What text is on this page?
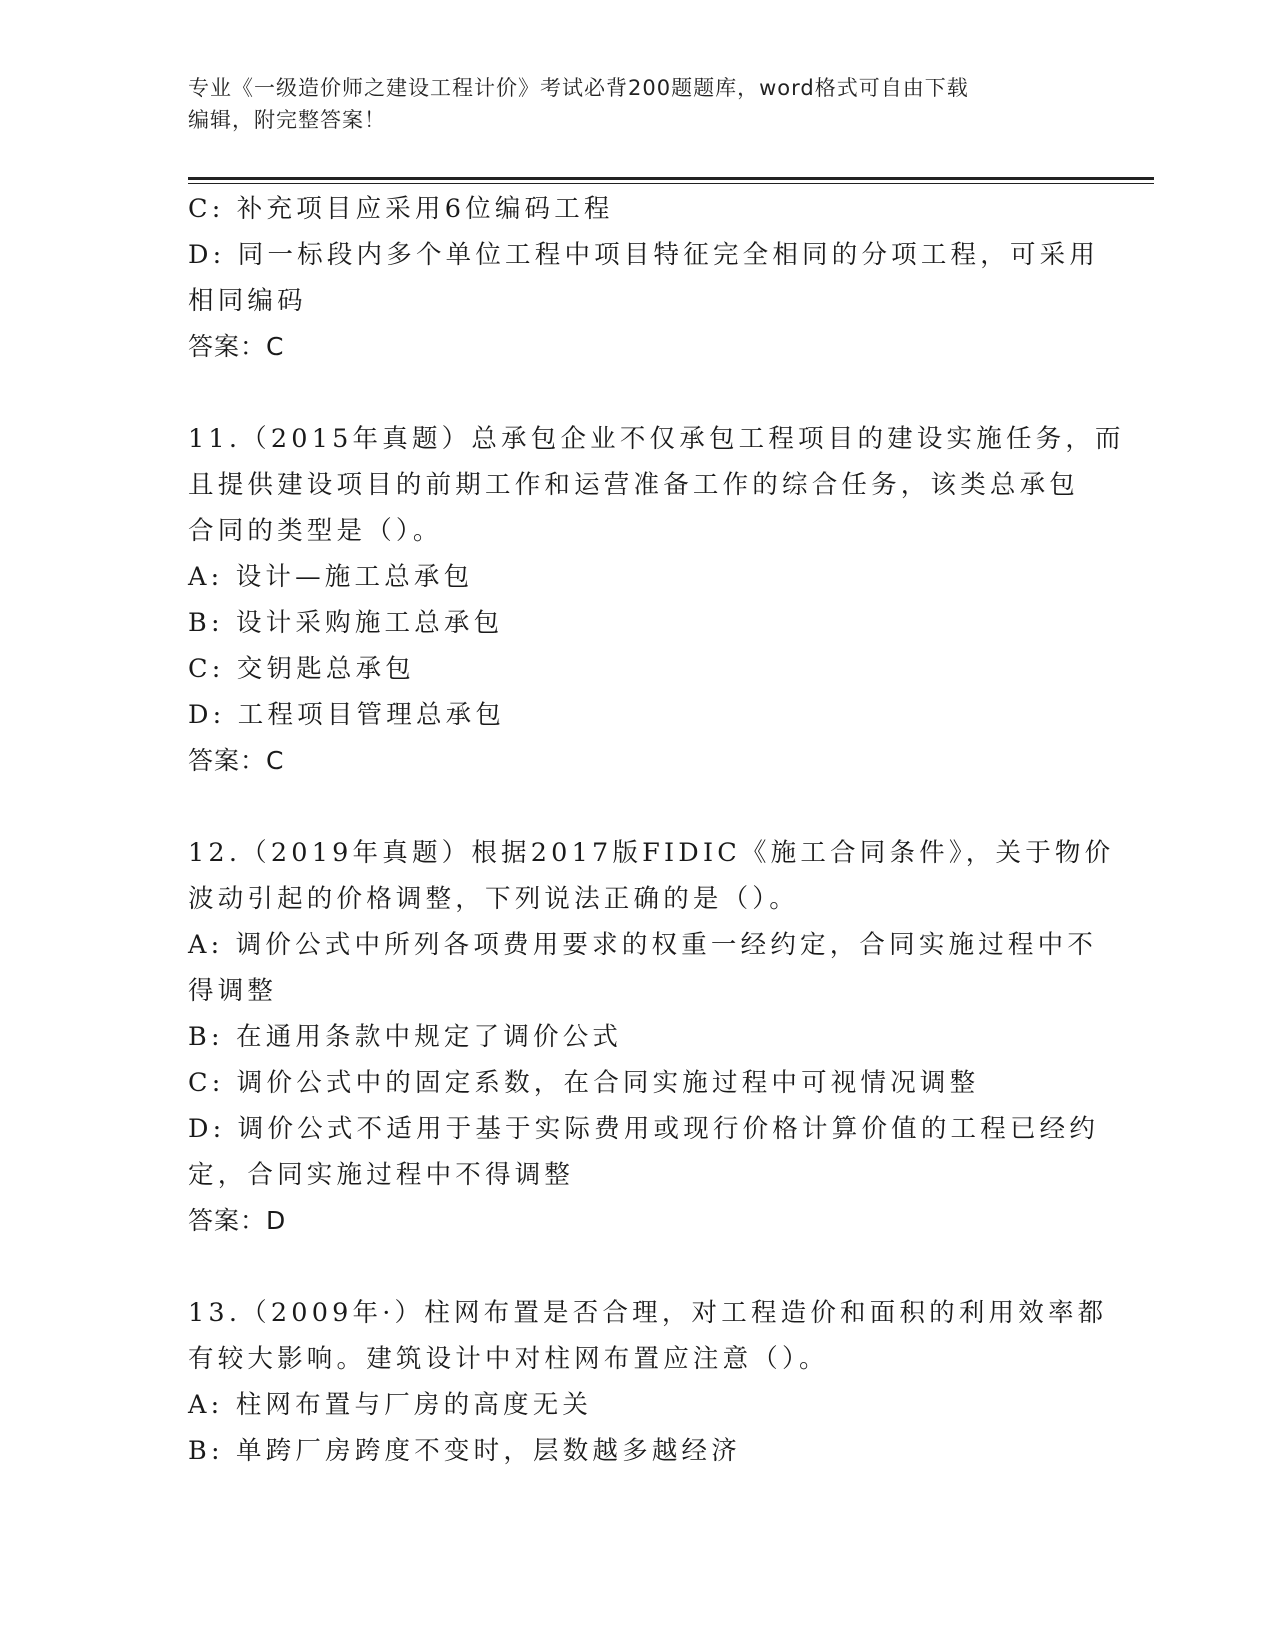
专业《一级造价师之建设工程计价》考试必背200题题库，word格式可自由下载
编辑，附完整答案！
C: 补充项目应采用6位编码工程
D: 同一标段内多个单位工程中项目特征完全相同的分项工程，可采用
相同编码
答案：C
11.（2015年真题）总承包企业不仅承包工程项目的建设实施任务，而
且提供建设项目的前期工作和运营准备工作的综合任务，该类总承包
合同的类型是（）。
A: 设计—施工总承包
B: 设计采购施工总承包
C: 交钥匙总承包
D: 工程项目管理总承包
答案：C
12.（2019年真题）根据2017版FIDIC《施工合同条件》，关于物价
波动引起的价格调整，下列说法正确的是（）。
A: 调价公式中所列各项费用要求的权重一经约定，合同实施过程中不
得调整
B: 在通用条款中规定了调价公式
C: 调价公式中的固定系数，在合同实施过程中可视情况调整
D: 调价公式不适用于基于实际费用或现行价格计算价值的工程已经约
定，合同实施过程中不得调整
答案：D
13.（2009年·）柱网布置是否合理，对工程造价和面积的利用效率都
有较大影响。建筑设计中对柱网布置应注意（）。
A: 柱网布置与厂房的高度无关
B: 单跨厂房跨度不变时，层数越多越经济
